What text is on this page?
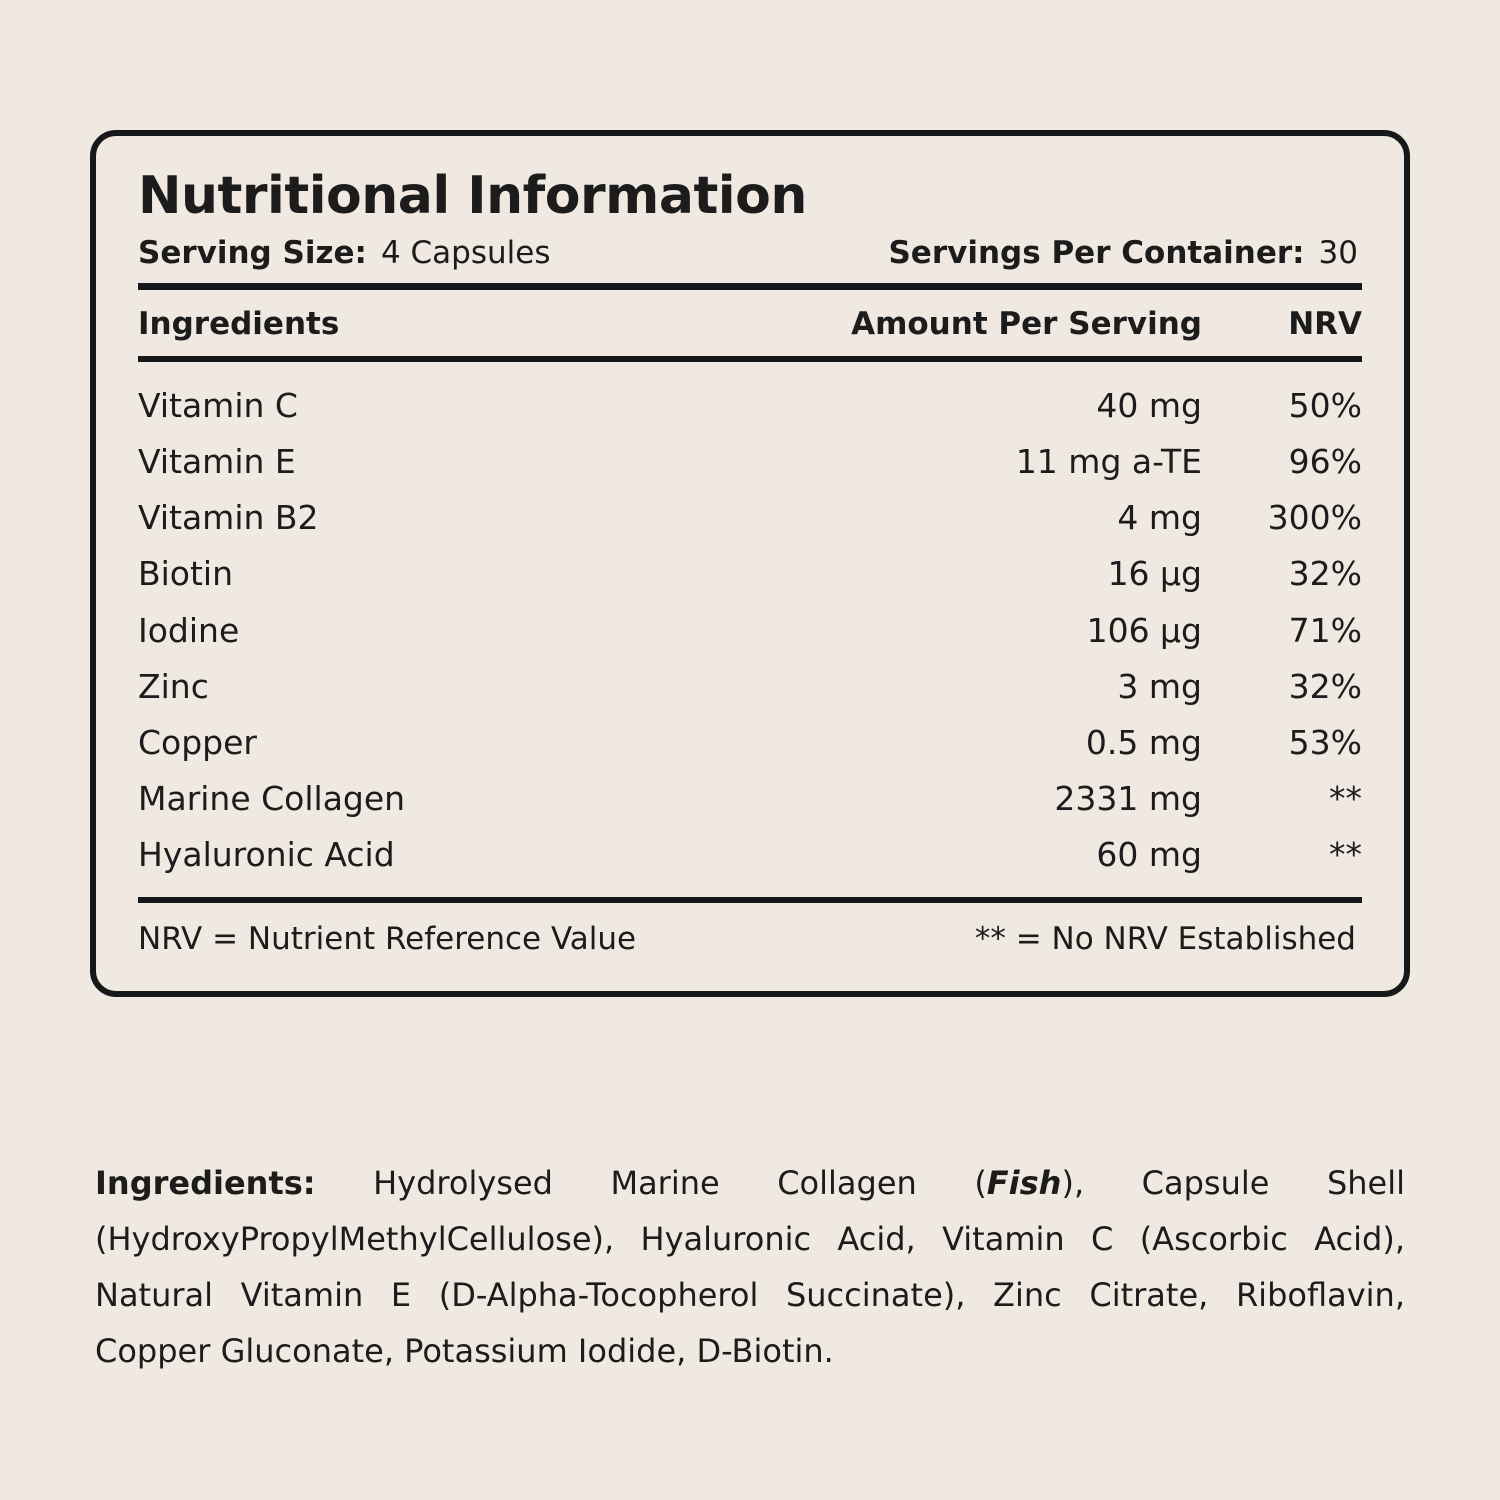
Nutritional Information
Serving Size: 4 Capsules	Servings Per Container: 30
Ingredients	Amount Per Serving	NRV
Vitamin C	40 mg	50%
Vitamin E	11 mg a-TE	96%
Vitamin B2	4 mg	300%
Biotin	16 µg	32%
Iodine	106 µg	71%
Zinc	3 mg	32%
Copper	0.5 mg	53%
Marine Collagen	2331 mg	**
Hyaluronic Acid	60 mg	**
NRV = Nutrient Reference Value	** = No NRV Established
Ingredients: Hydrolysed Marine Collagen (Fish), Capsule Shell (HydroxyPropylMethylCellulose), Hyaluronic Acid, Vitamin C (Ascorbic Acid), Natural Vitamin E (D-Alpha-Tocopherol Succinate), Zinc Citrate, Riboflavin, Copper Gluconate, Potassium Iodide, D-Biotin.
